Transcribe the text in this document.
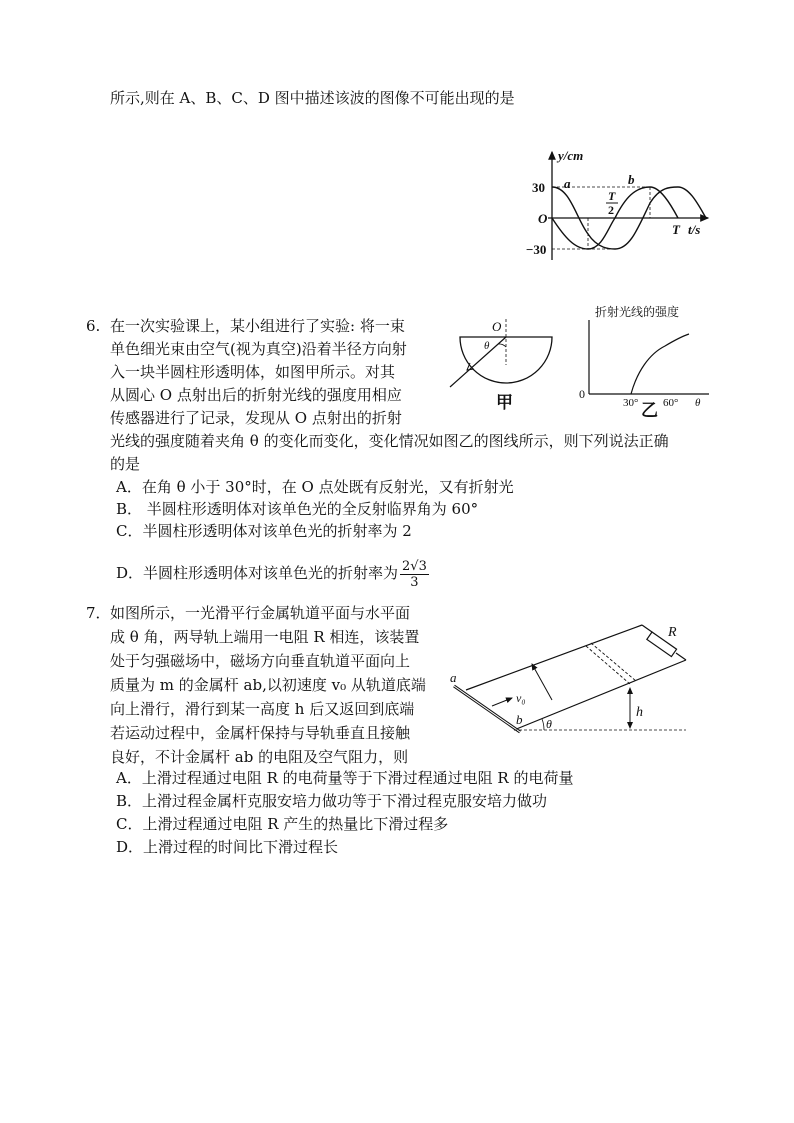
所示,则在 A、B、C、D 图中描述该波的图像不可能出现的是
y/cm
t/s
30
−30
O
a	b
T
2
T
6. 在一次实验课上，某小组进行了实验: 将一束
单色细光束由空气(视为真空)沿着半径方向射
入一块半圆柱形透明体，如图甲所示。对其
从圆心 O 点射出后的折射光线的强度用相应
传感器进行了记录，发现从 O 点射出的折射
光线的强度随着夹角 θ 的变化而变化，变化情况如图乙的图线所示，则下列说法正确
的是
A．在角 θ 小于 30°时，在 O 点处既有反射光，又有折射光
B． 半圆柱形透明体对该单色光的全反射临界角为 60°
C．半圆柱形透明体对该单色光的折射率为 2
D．半圆柱形透明体对该单色光的折射率为 $\frac{2√3}{3}$
O
θ
甲
折射光线的强度
0
30° 60° θ
乙
7． 如图所示，一光滑平行金属轨道平面与水平面
成 θ 角，两导轨上端用一电阻 R 相连，该装置
处于匀强磁场中，磁场方向垂直轨道平面向上
质量为 m 的金属杆 ab,以初速度 v₀ 从轨道底端
向上滑行，滑行到某一高度 h 后又返回到底端
若运动过程中，金属杆保持与导轨垂直且接触
良好，不计金属杆 ab 的电阻及空气阻力，则
A．上滑过程通过电阻 R 的电荷量等于下滑过程通过电阻 R 的电荷量
B．上滑过程金属杆克服安培力做功等于下滑过程克服安培力做功
C．上滑过程通过电阻 R 产生的热量比下滑过程多
D．上滑过程的时间比下滑过程长
R
a
b
v₀
θ
h
